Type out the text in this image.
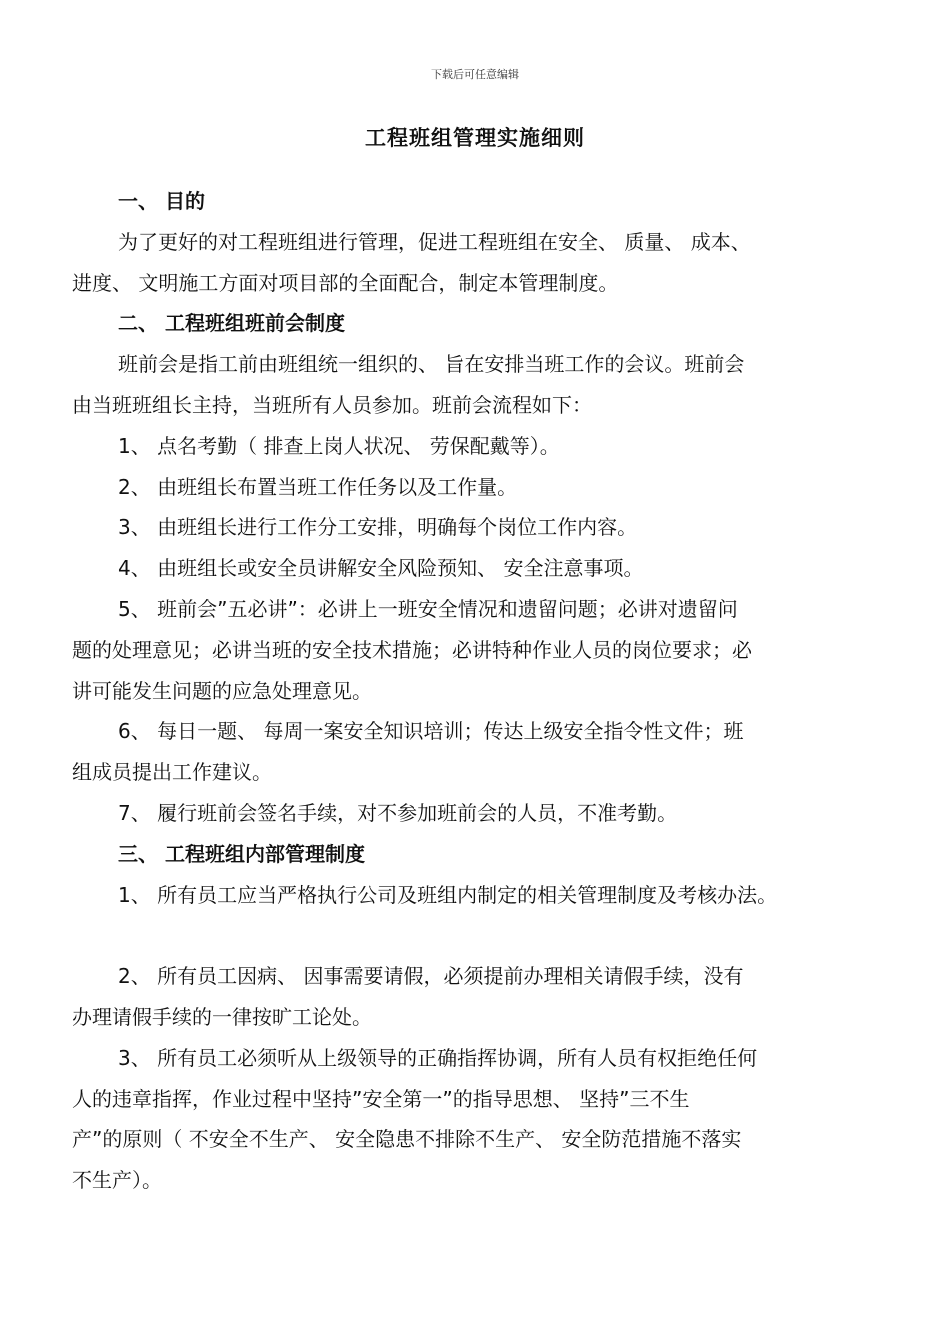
下载后可任意编辑
工程班组管理实施细则
一、 目的
为了更好的对工程班组进行管理，促进工程班组在安全、 质量、 成本、
进度、 文明施工方面对项目部的全面配合，制定本管理制度。
二、 工程班组班前会制度
班前会是指工前由班组统一组织的、 旨在安排当班工作的会议。班前会
由当班班组长主持，当班所有人员参加。班前会流程如下：
1、 点名考勤（ 排查上岗人状况、 劳保配戴等）。
2、 由班组长布置当班工作任务以及工作量。
3、 由班组长进行工作分工安排，明确每个岗位工作内容。
4、 由班组长或安全员讲解安全风险预知、 安全注意事项。
5、 班前会”五必讲”：必讲上一班安全情况和遗留问题；必讲对遗留问
题的处理意见；必讲当班的安全技术措施；必讲特种作业人员的岗位要求；必
讲可能发生问题的应急处理意见。
6、 每日一题、 每周一案安全知识培训；传达上级安全指令性文件；班
组成员提出工作建议。
7、 履行班前会签名手续，对不参加班前会的人员，不准考勤。
三、 工程班组内部管理制度
1、 所有员工应当严格执行公司及班组内制定的相关管理制度及考核办法。
2、 所有员工因病、 因事需要请假，必须提前办理相关请假手续，没有
办理请假手续的一律按旷工论处。
3、 所有员工必须听从上级领导的正确指挥协调，所有人员有权拒绝任何
人的违章指挥，作业过程中坚持”安全第一”的指导思想、 坚持”三不生
产”的原则（ 不安全不生产、 安全隐患不排除不生产、 安全防范措施不落实
不生产）。
